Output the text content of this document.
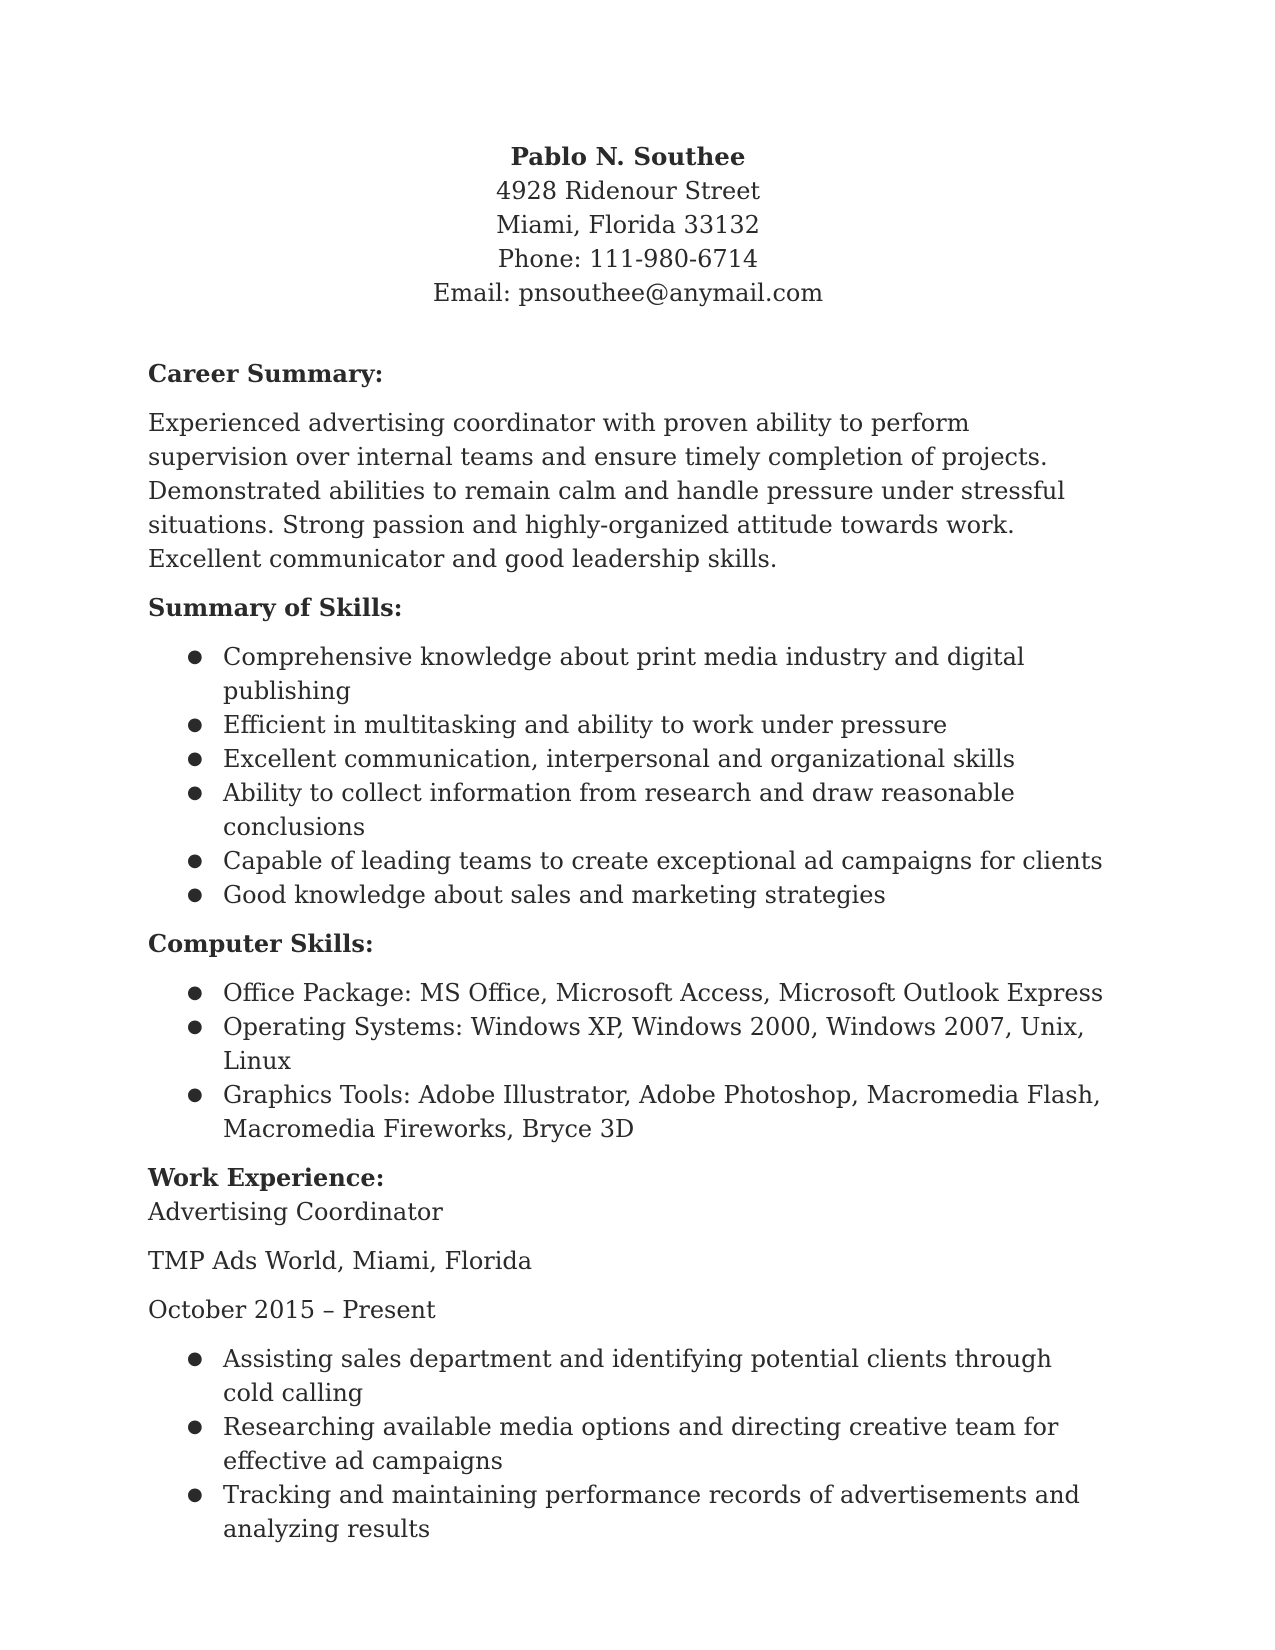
Pablo N. Southee
4928 Ridenour Street
Miami, Florida 33132
Phone: 111-980-6714
Email: pnsouthee@anymail.com
Career Summary:

Experienced advertising coordinator with proven ability to perform supervision over internal teams and ensure timely completion of projects. Demonstrated abilities to remain calm and handle pressure under stressful situations. Strong passion and highly-organized attitude towards work. Excellent communicator and good leadership skills.

Summary of Skills:
● Comprehensive knowledge about print media industry and digital publishing
● Efficient in multitasking and ability to work under pressure
● Excellent communication, interpersonal and organizational skills
● Ability to collect information from research and draw reasonable conclusions
● Capable of leading teams to create exceptional ad campaigns for clients
● Good knowledge about sales and marketing strategies
Computer Skills:
● Office Package: MS Office, Microsoft Access, Microsoft Outlook Express
● Operating Systems: Windows XP, Windows 2000, Windows 2007, Unix, Linux
● Graphics Tools: Adobe Illustrator, Adobe Photoshop, Macromedia Flash, Macromedia Fireworks, Bryce 3D
Work Experience:
Advertising Coordinator
TMP Ads World, Miami, Florida
October 2015 – Present
● Assisting sales department and identifying potential clients through cold calling
● Researching available media options and directing creative team for effective ad campaigns
● Tracking and maintaining performance records of advertisements and analyzing results
